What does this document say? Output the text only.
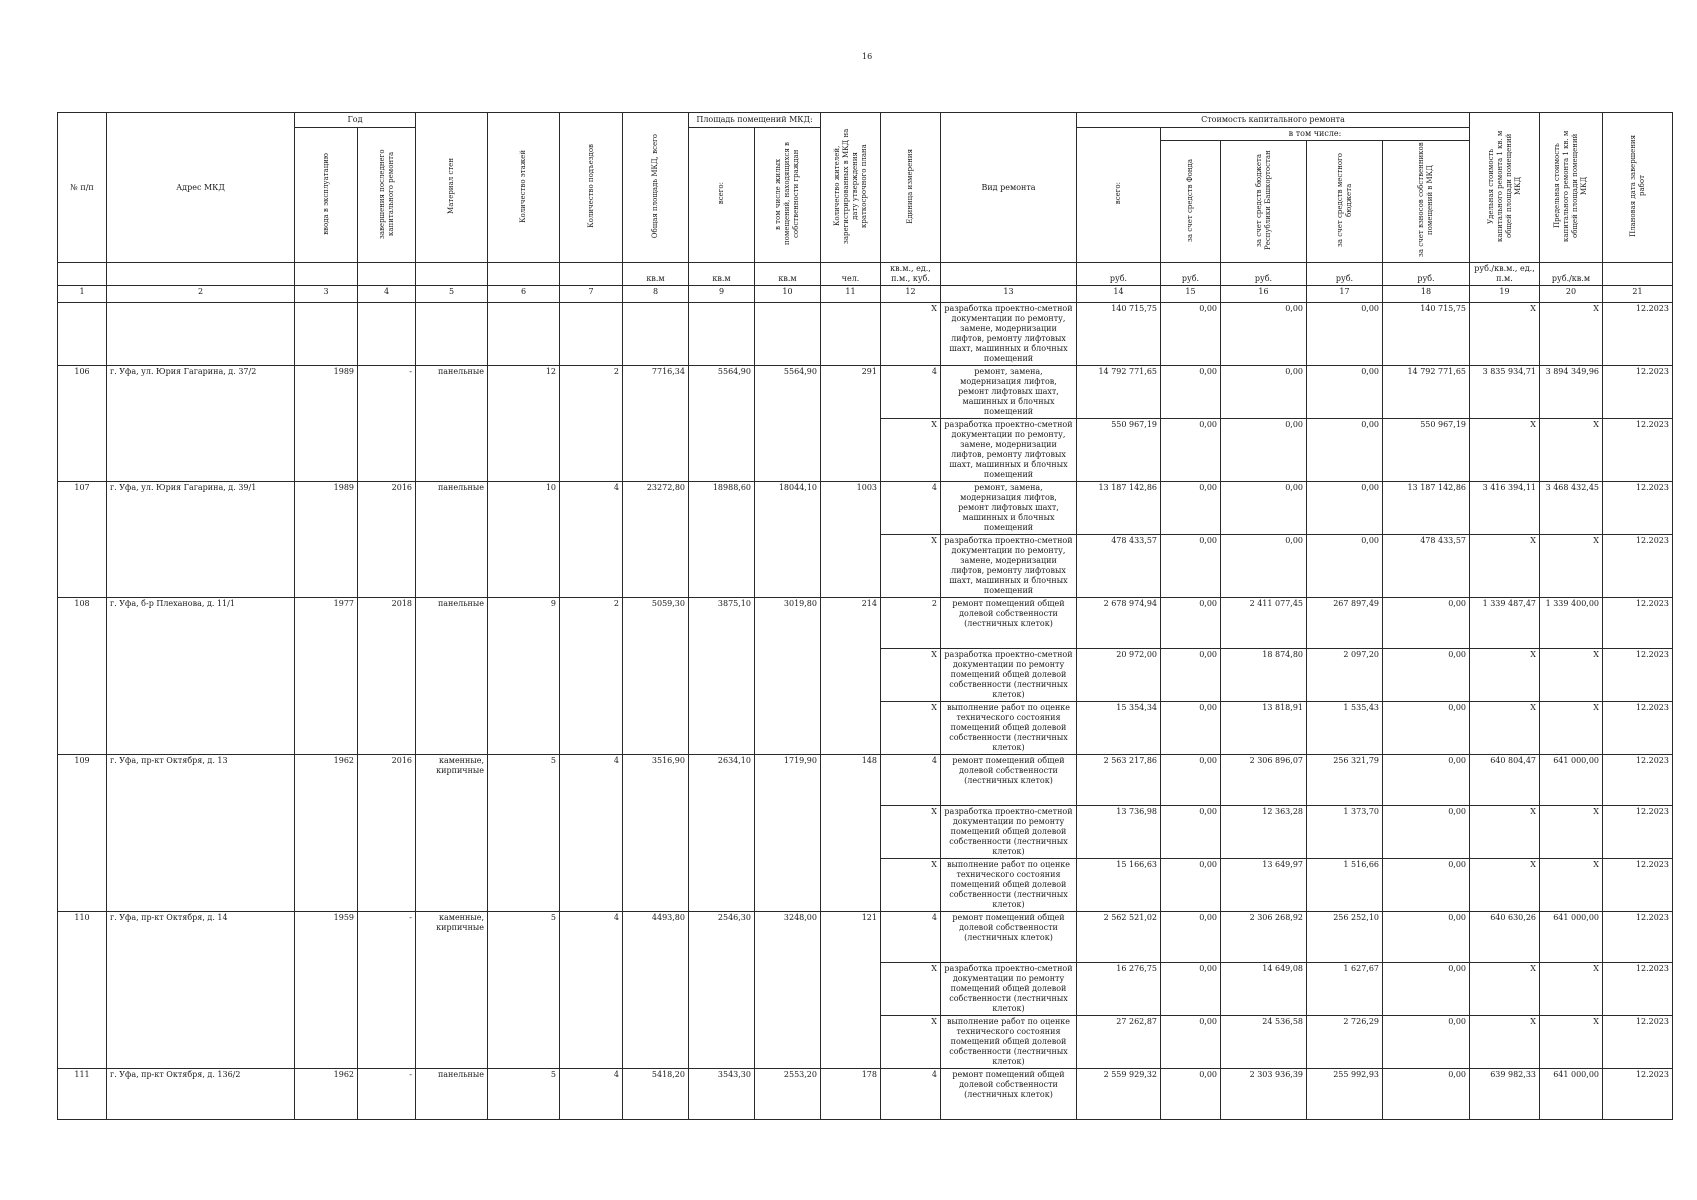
16
№ п/п	Адрес МКД	Год		Материал стен	Количество этажей	Количество подъездов	Общая площадь МКД, всего	Площадь помещений МКД:		Количество жителей, зарегистрированных в МКД на дату утверждения краткосрочного плана	Единица измерения	Вид ремонта	Стоимость капитального ремонта					Удельная стоимость капитального ремонта 1 кв. м общей площади помещений МКД	Предельная стоимость капитального ремонта 1 кв. м общей площади помещений МКД	Плановая дата завершения работ
		ввода в эксплуатацию	завершения последнего капитального ремонта					всего:	в том числе жилых помещений, находящихся в собственности граждан				всего:	в том числе:						
														за счет средств Фонда	за счет средств бюджета Республики Башкортостан	за счет средств местного бюджета	за счет взносов собственников помещений в МКД			
							кв.м	кв.м	кв.м	чел.	кв.м., ед., п.м., куб.		руб.	руб.	руб.	руб.	руб.	руб./кв.м., ед., п.м.	руб./кв.м	
1	2	3	4	5	6	7	8	9	10	11	12	13	14	15	16	17	18	19	20	21
											X	разработка проектно-сметной документации по ремонту, замене, модернизации лифтов, ремонту лифтовых шахт, машинных и блочных помещений	140 715,75	0,00	0,00	0,00	140 715,75	X	X	12.2023
106	г. Уфа, ул. Юрия Гагарина, д. 37/2	1989	-	панельные	12	2	7716,34	5564,90	5564,90	291	4	ремонт, замена, модернизация лифтов, ремонт лифтовых шахт, машинных и блочных помещений	14 792 771,65	0,00	0,00	0,00	14 792 771,65	3 835 934,71	3 894 349,96	12.2023
											X	разработка проектно-сметной документации по ремонту, замене, модернизации лифтов, ремонту лифтовых шахт, машинных и блочных помещений	550 967,19	0,00	0,00	0,00	550 967,19	X	X	12.2023
107	г. Уфа, ул. Юрия Гагарина, д. 39/1	1989	2016	панельные	10	4	23272,80	18988,60	18044,10	1003	4	ремонт, замена, модернизация лифтов, ремонт лифтовых шахт, машинных и блочных помещений	13 187 142,86	0,00	0,00	0,00	13 187 142,86	3 416 394,11	3 468 432,45	12.2023
											X	разработка проектно-сметной документации по ремонту, замене, модернизации лифтов, ремонту лифтовых шахт, машинных и блочных помещений	478 433,57	0,00	0,00	0,00	478 433,57	X	X	12.2023
108	г. Уфа, б-р Плеханова, д. 11/1	1977	2018	панельные	9	2	5059,30	3875,10	3019,80	214	2	ремонт помещений общей долевой собственности (лестничных клеток)	2 678 974,94	0,00	2 411 077,45	267 897,49	0,00	1 339 487,47	1 339 400,00	12.2023
											X	разработка проектно-сметной документации по ремонту помещений общей долевой собственности (лестничных клеток)	20 972,00	0,00	18 874,80	2 097,20	0,00	X	X	12.2023
											X	выполнение работ по оценке технического состояния помещений общей долевой собственности (лестничных клеток)	15 354,34	0,00	13 818,91	1 535,43	0,00	X	X	12.2023
109	г. Уфа, пр-кт Октября, д. 13	1962	2016	каменные, кирпичные	5	4	3516,90	2634,10	1719,90	148	4	ремонт помещений общей долевой собственности (лестничных клеток)	2 563 217,86	0,00	2 306 896,07	256 321,79	0,00	640 804,47	641 000,00	12.2023
											X	разработка проектно-сметной документации по ремонту помещений общей долевой собственности (лестничных клеток)	13 736,98	0,00	12 363,28	1 373,70	0,00	X	X	12.2023
											X	выполнение работ по оценке технического состояния помещений общей долевой собственности (лестничных клеток)	15 166,63	0,00	13 649,97	1 516,66	0,00	X	X	12.2023
110	г. Уфа, пр-кт Октября, д. 14	1959	-	каменные, кирпичные	5	4	4493,80	2546,30	3248,00	121	4	ремонт помещений общей долевой собственности (лестничных клеток)	2 562 521,02	0,00	2 306 268,92	256 252,10	0,00	640 630,26	641 000,00	12.2023
											X	разработка проектно-сметной документации по ремонту помещений общей долевой собственности (лестничных клеток)	16 276,75	0,00	14 649,08	1 627,67	0,00	X	X	12.2023
											X	выполнение работ по оценке технического состояния помещений общей долевой собственности (лестничных клеток)	27 262,87	0,00	24 536,58	2 726,29	0,00	X	X	12.2023
111	г. Уфа, пр-кт Октября, д. 136/2	1962	-	панельные	5	4	5418,20	3543,30	2553,20	178	4	ремонт помещений общей долевой собственности (лестничных клеток)	2 559 929,32	0,00	2 303 936,39	255 992,93	0,00	639 982,33	641 000,00	12.2023
